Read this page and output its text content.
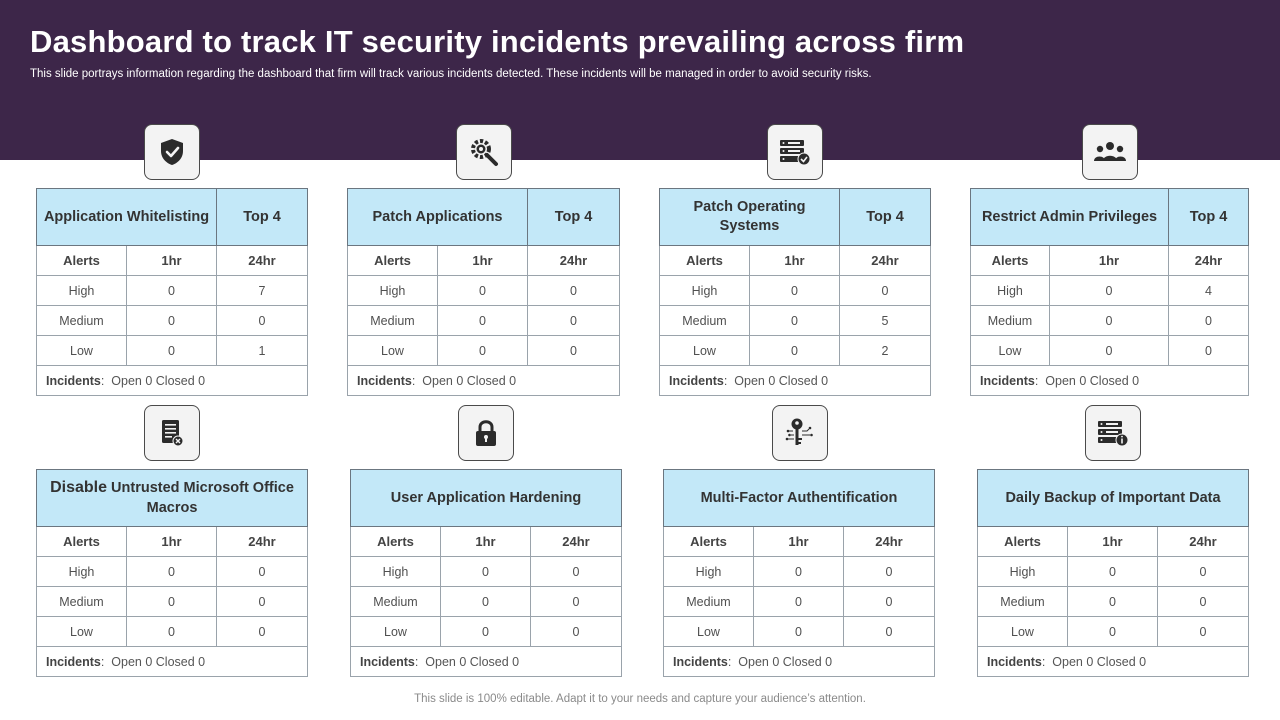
Dashboard to track IT security incidents prevailing across firm
This slide portrays information regarding the dashboard that firm will track various incidents detected. These incidents will be managed in order to avoid security risks.
Application Whitelisting		Top 4
Alerts	1hr	24hr
High	0	7
Medium	0	0
Low	0	1
Incidents:  Open 0 Closed 0		
Patch Applications		Top 4
Alerts	1hr	24hr
High	0	0
Medium	0	0
Low	0	0
Incidents:  Open 0 Closed 0		
Patch Operating Systems		Top 4
Alerts	1hr	24hr
High	0	0
Medium	0	5
Low	0	2
Incidents:  Open 0 Closed 0		
Restrict Admin Privileges		Top 4
Alerts	1hr	24hr
High	0	4
Medium	0	0
Low	0	0
Incidents:  Open 0 Closed 0		
Disable Untrusted Microsoft Office Macros		
Alerts	1hr	24hr
High	0	0
Medium	0	0
Low	0	0
Incidents:  Open 0 Closed 0		
User Application Hardening		
Alerts	1hr	24hr
High	0	0
Medium	0	0
Low	0	0
Incidents:  Open 0 Closed 0		
Multi-Factor Authentification		
Alerts	1hr	24hr
High	0	0
Medium	0	0
Low	0	0
Incidents:  Open 0 Closed 0		
Daily Backup of Important Data		
Alerts	1hr	24hr
High	0	0
Medium	0	0
Low	0	0
Incidents:  Open 0 Closed 0		
This slide is 100% editable. Adapt it to your needs and capture your audience’s attention.
